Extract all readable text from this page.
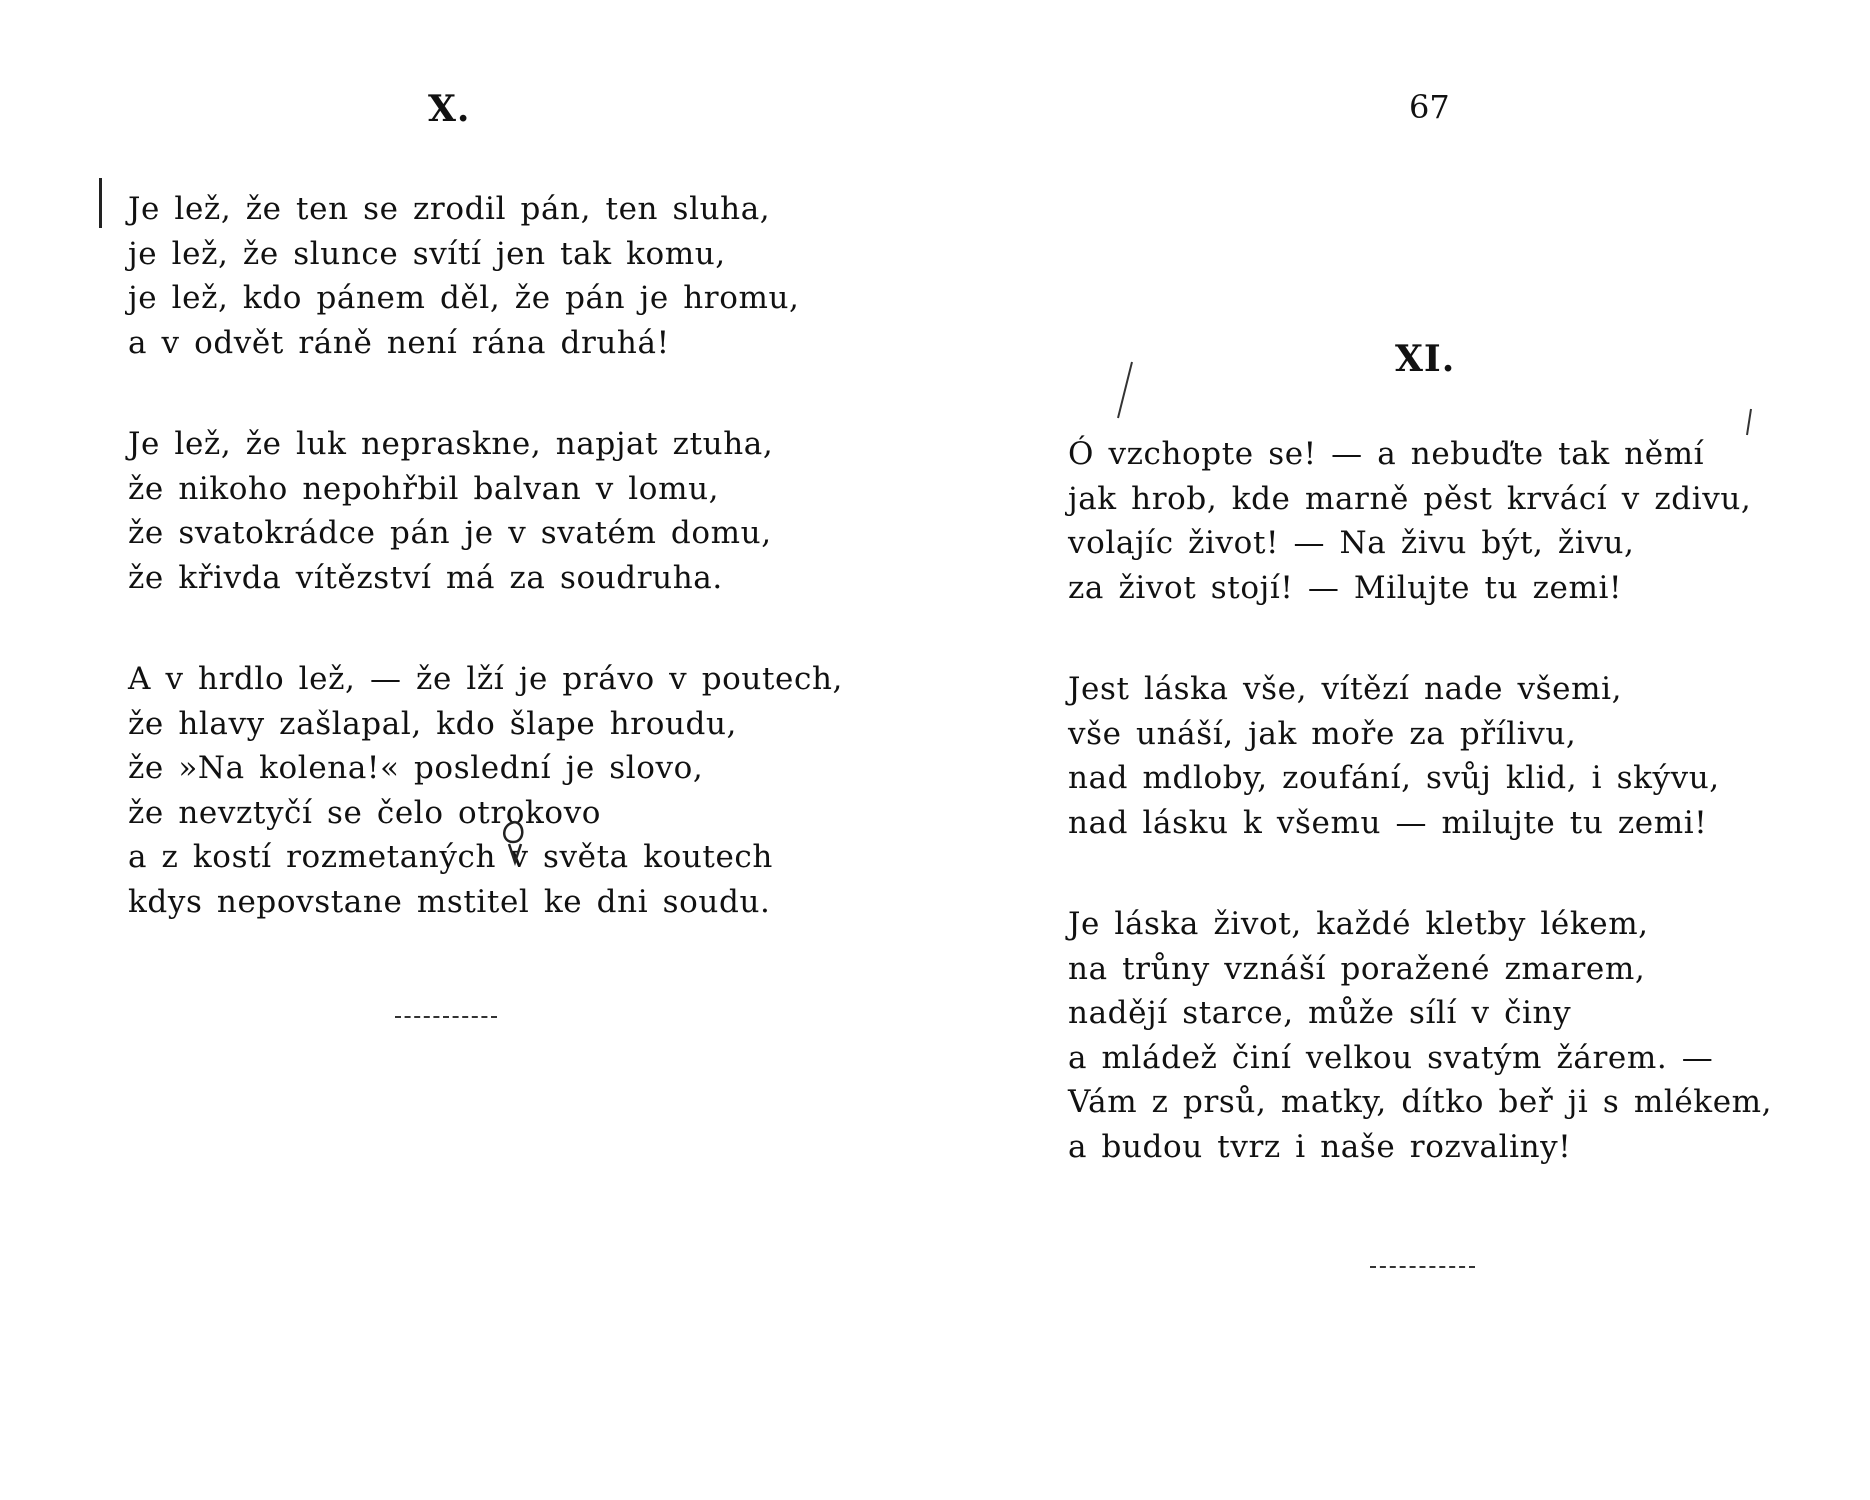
X.
Je lež, že ten se zrodil pán, ten sluha,
je lež, že slunce svítí jen tak komu,
je lež, kdo pánem děl, že pán je hromu,
a v odvět ráně není rána druhá!
Je lež, že luk nepraskne, napjat ztuha,
že nikoho nepohřbil balvan v lomu,
že svatokrádce pán je v svatém domu,
že křivda vítězství má za soudruha.
A v hrdlo lež, — že lží je právo v poutech,
že hlavy zašlapal, kdo šlape hroudu,
že »Na kolena!« poslední je slovo,
že nevztyčí se čelo otrokovo
a z kostí rozmetaných v světa koutech
kdys nepovstane mstitel ke dni soudu.
67
XI.
Ó vzchopte se! — a nebuďte tak němí
jak hrob, kde marně pěst krvácí v zdivu,
volajíc život! — Na živu být, živu,
za život stojí! — Milujte tu zemi!
Jest láska vše, vítězí nade všemi,
vše unáší, jak moře za přílivu,
nad mdloby, zoufání, svůj klid, i skývu,
nad lásku k všemu — milujte tu zemi!
Je láska život, každé kletby lékem,
na trůny vznáší poražené zmarem,
nadějí starce, může sílí v činy
a mládež činí velkou svatým žárem. —
Vám z prsů, matky, dítko beř ji s mlékem,
a budou tvrz i naše rozvaliny!
